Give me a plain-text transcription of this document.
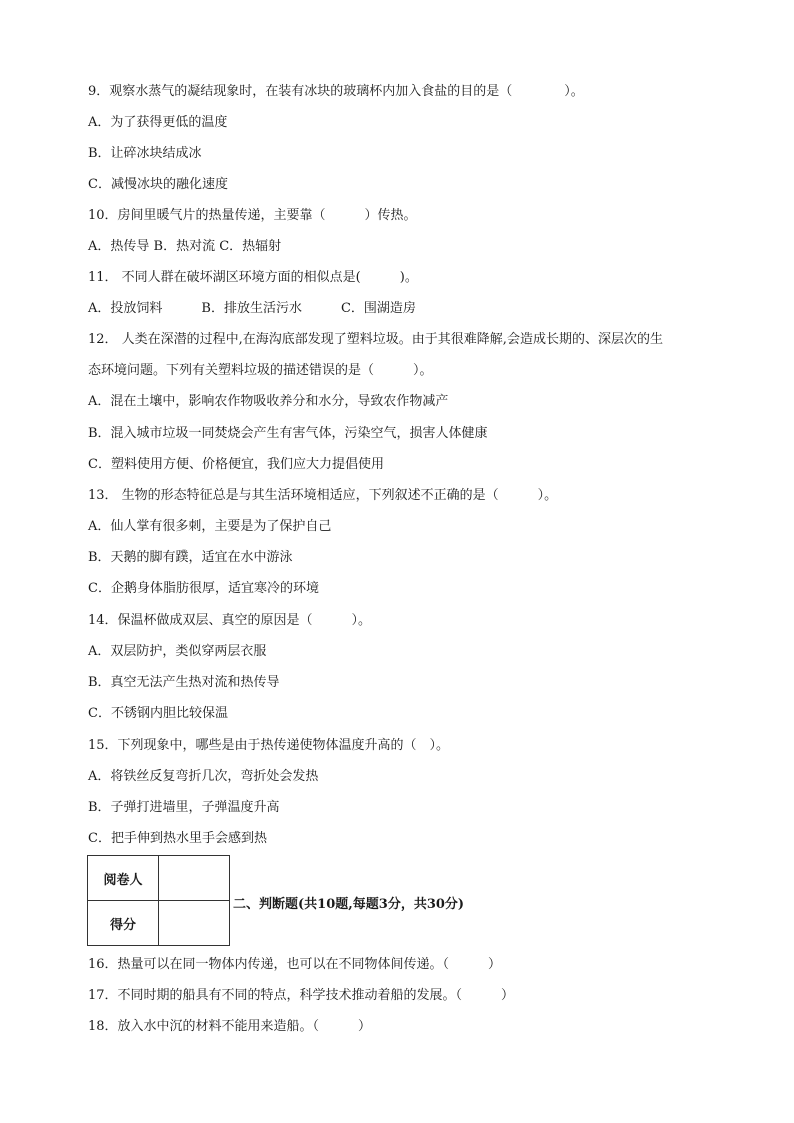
9．观察水蒸气的凝结现象时，在装有冰块的玻璃杯内加入食盐的目的是（　　　　）。
A．为了获得更低的温度
B．让碎冰块结成冰
C．减慢冰块的融化速度
10．房间里暖气片的热量传递，主要靠（　　　）传热。
A．热传导 B．热对流 C．热辐射
11． 不同人群在破坏湖区环境方面的相似点是(　　　)。
A．投放饲料　　　B．排放生活污水　　　C．围湖造房
12． 人类在深潜的过程中,在海沟底部发现了塑料垃圾。由于其很难降解,会造成长期的、深层次的生
态环境问题。下列有关塑料垃圾的描述错误的是（　　　）。
A．混在土壤中，影响农作物吸收养分和水分，导致农作物减产
B．混入城市垃圾一同焚烧会产生有害气体，污染空气，损害人体健康
C．塑料使用方便、价格便宜，我们应大力提倡使用
13． 生物的形态特征总是与其生活环境相适应，下列叙述不正确的是（　　　）。
A．仙人掌有很多刺，主要是为了保护自己
B．天鹅的脚有蹼，适宜在水中游泳
C．企鹅身体脂肪很厚，适宜寒冷的环境
14．保温杯做成双层、真空的原因是（　　　）。
A．双层防护，类似穿两层衣服
B．真空无法产生热对流和热传导
C．不锈钢内胆比较保温
15．下列现象中，哪些是由于热传递使物体温度升高的（　）。
A．将铁丝反复弯折几次，弯折处会发热
B．子弹打进墙里，子弹温度升高
C．把手伸到热水里手会感到热
阅卷人	
得分	
二、判断题(共10题,每题3分，共30分)
16．热量可以在同一物体内传递，也可以在不同物体间传递。（　　　）
17．不同时期的船具有不同的特点，科学技术推动着船的发展。（　　　）
18．放入水中沉的材料不能用来造船。（　　　）
